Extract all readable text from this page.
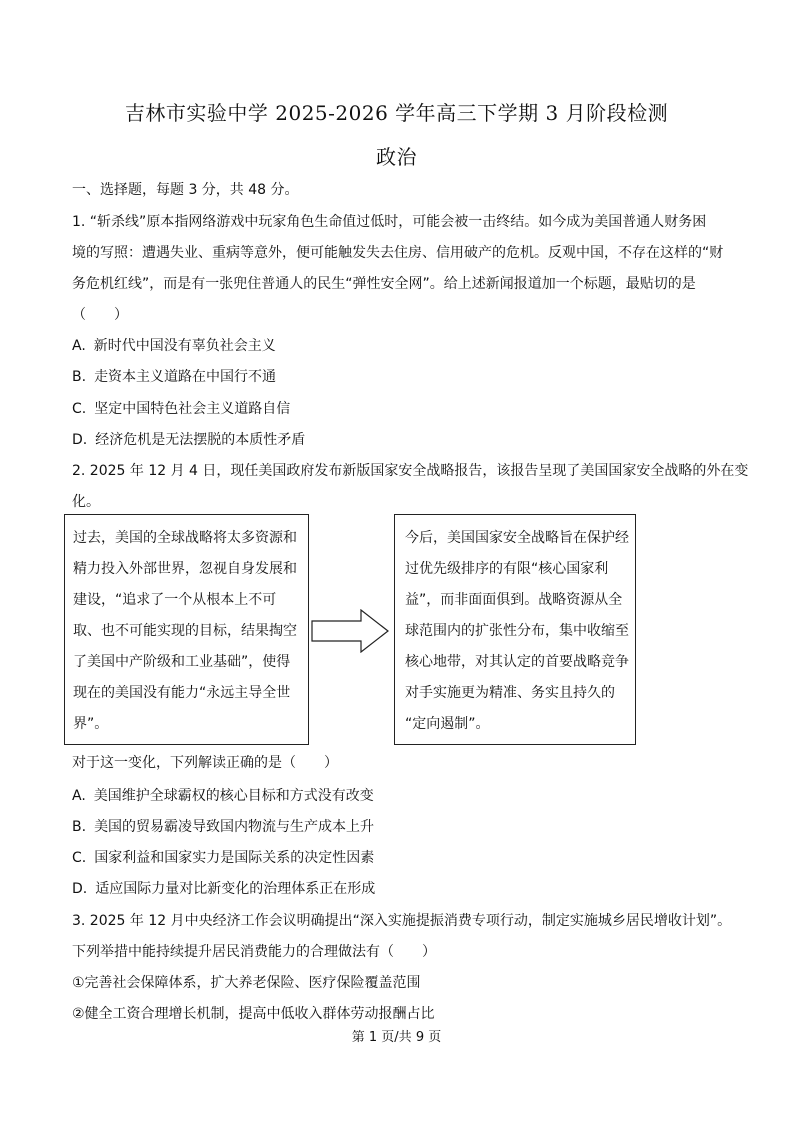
吉林市实验中学 2025-2026 学年高三下学期 3 月阶段检测
政治
一、选择题，每题 3 分，共 48 分。
1. “斩杀线”原本指网络游戏中玩家角色生命值过低时，可能会被一击终结。如今成为美国普通人财务困
境的写照：遭遇失业、重病等意外，便可能触发失去住房、信用破产的危机。反观中国，不存在这样的“财
务危机红线”，而是有一张兜住普通人的民生“弹性安全网”。给上述新闻报道加一个标题，最贴切的是
（　　）
A. 新时代中国没有辜负社会主义
B. 走资本主义道路在中国行不通
C. 坚定中国特色社会主义道路自信
D. 经济危机是无法摆脱的本质性矛盾
2. 2025 年 12 月 4 日，现任美国政府发布新版国家安全战略报告，该报告呈现了美国国家安全战略的外在变
化。
过去，美国的全球战略将太多资源和
精力投入外部世界，忽视自身发展和
建设，“追求了一个从根本上不可
取、也不可能实现的目标，结果掏空
了美国中产阶级和工业基础”，使得
现在的美国没有能力“永远主导全世
界”。
今后，美国国家安全战略旨在保护经
过优先级排序的有限“核心国家利
益”，而非面面俱到。战略资源从全
球范围内的扩张性分布，集中收缩至
核心地带，对其认定的首要战略竞争
对手实施更为精准、务实且持久的
“定向遏制”。
对于这一变化，下列解读正确的是（　　）
A. 美国维护全球霸权的核心目标和方式没有改变
B. 美国的贸易霸凌导致国内物流与生产成本上升
C. 国家利益和国家实力是国际关系的决定性因素
D. 适应国际力量对比新变化的治理体系正在形成
3. 2025 年 12 月中央经济工作会议明确提出“深入实施提振消费专项行动，制定实施城乡居民增收计划”。
下列举措中能持续提升居民消费能力的合理做法有（　　）
①完善社会保障体系，扩大养老保险、医疗保险覆盖范围
②健全工资合理增长机制，提高中低收入群体劳动报酬占比
第 1 页/共 9 页
